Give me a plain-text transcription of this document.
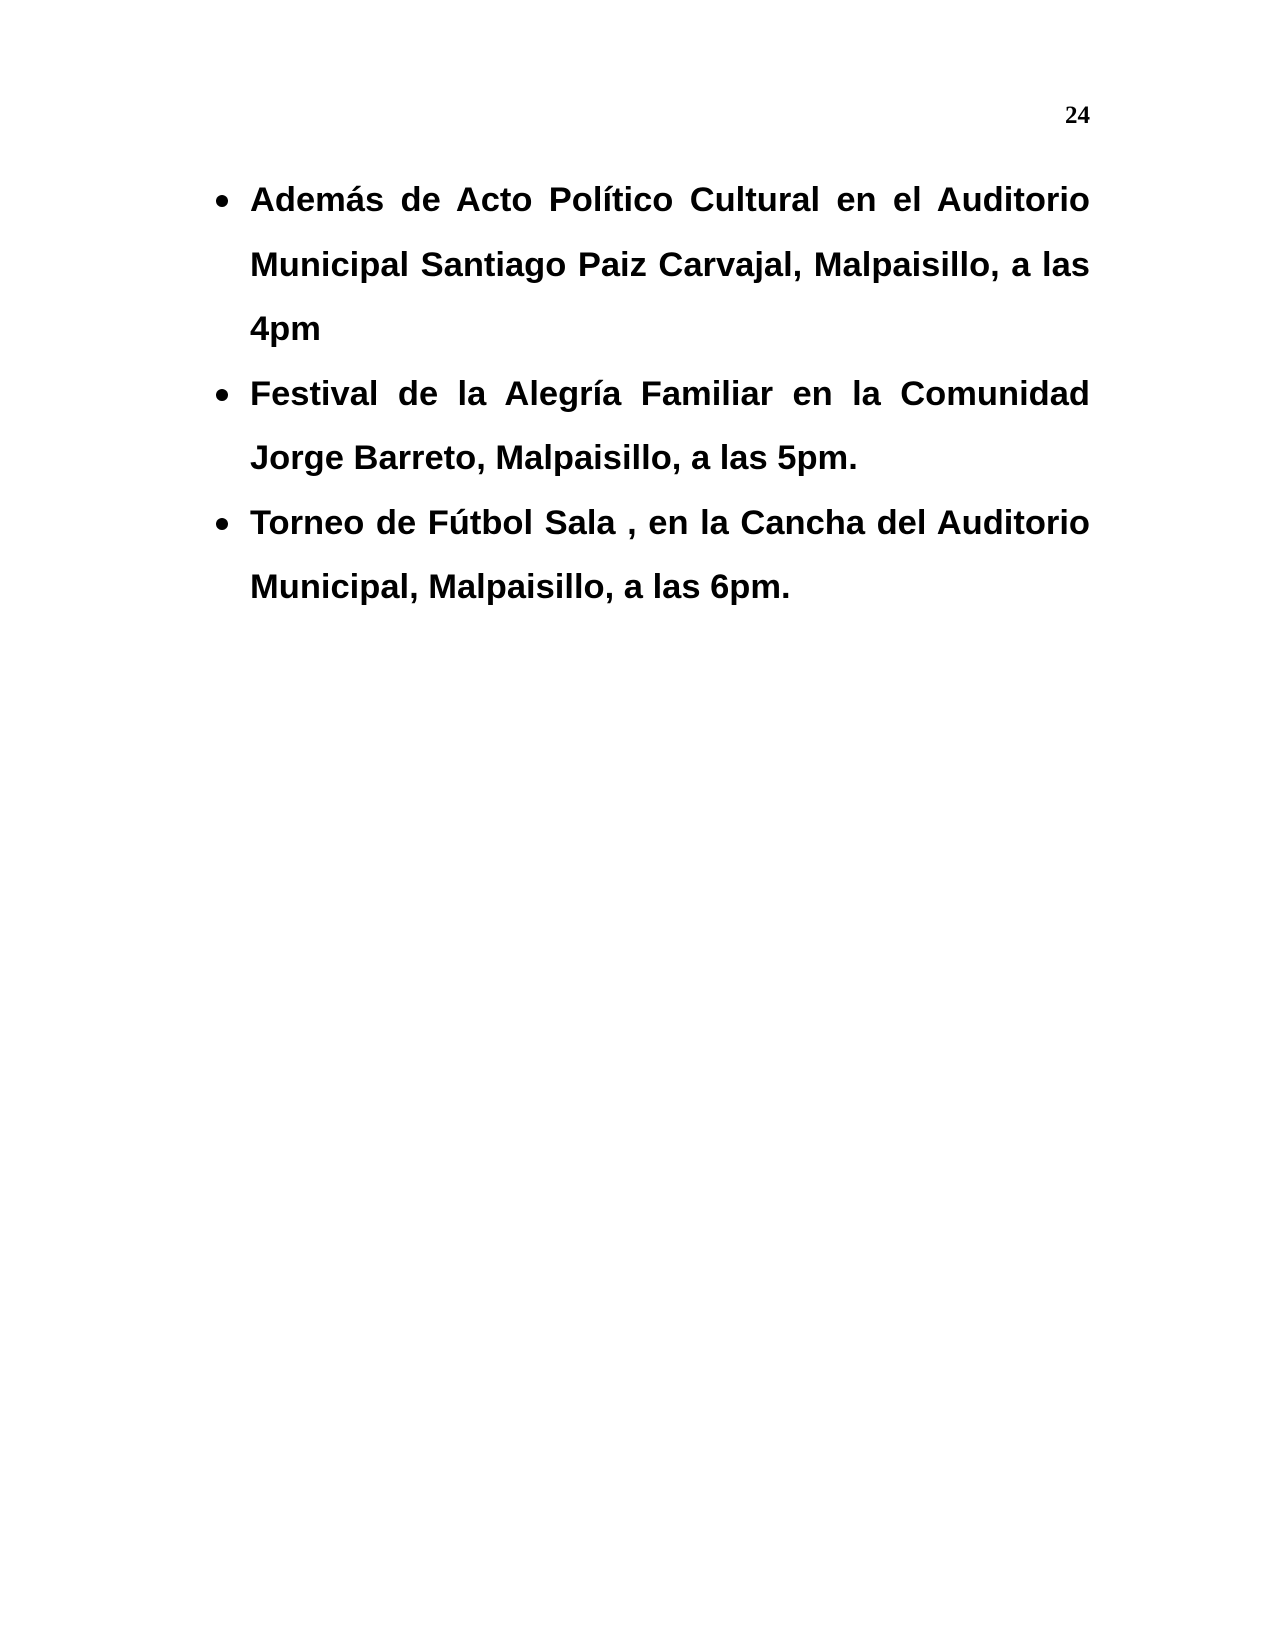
24
Además de Acto Político Cultural en el Auditorio Municipal Santiago Paiz Carvajal, Malpaisillo, a las 4pm
Festival de la Alegría Familiar en la Comunidad Jorge Barreto, Malpaisillo, a las 5pm.
Torneo de Fútbol Sala , en la Cancha del Auditorio Municipal, Malpaisillo, a las 6pm.
